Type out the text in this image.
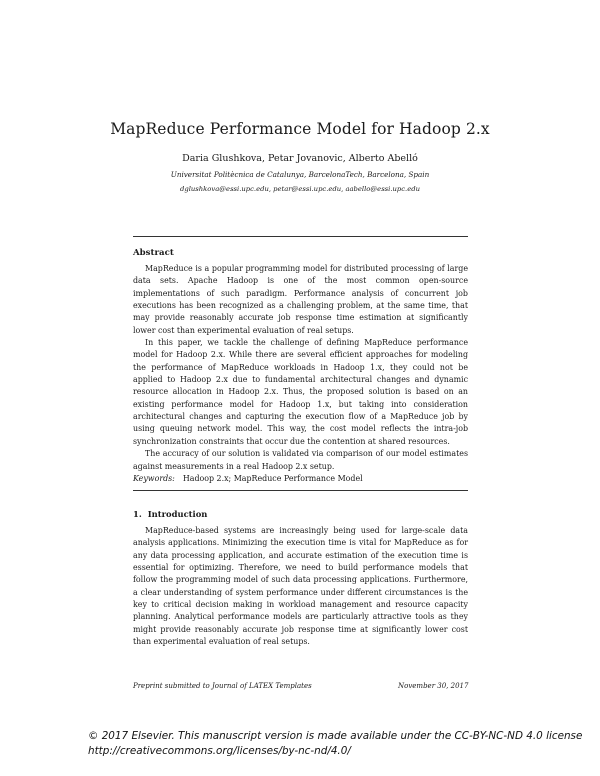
MapReduce Performance Model for Hadoop 2.x
Daria Glushkova, Petar Jovanovic, Alberto Abelló
Universitat Politècnica de Catalunya, BarcelonaTech, Barcelona, Spain
dglushkova@essi.upc.edu, petar@essi.upc.edu, aabello@essi.upc.edu
Abstract

MapReduce is a popular programming model for distributed processing of large data sets. Apache Hadoop is one of the most common open-source implementations of such paradigm. Performance analysis of concurrent job executions has been recognized as a challenging problem, at the same time, that may provide reasonably accurate job response time estimation at significantly lower cost than experimental evaluation of real setups.

In this paper, we tackle the challenge of defining MapReduce performance model for Hadoop 2.x. While there are several efficient approaches for modeling the performance of MapReduce workloads in Hadoop 1.x, they could not be applied to Hadoop 2.x due to fundamental architectural changes and dynamic resource allocation in Hadoop 2.x. Thus, the proposed solution is based on an existing performance model for Hadoop 1.x, but taking into consideration architectural changes and capturing the execution flow of a MapReduce job by using queuing network model. This way, the cost model reflects the intra-job synchronization constraints that occur due the contention at shared resources.

The accuracy of our solution is validated via comparison of our model estimates against measurements in a real Hadoop 2.x setup.

Keywords: Hadoop 2.x; MapReduce Performance Model
1. Introduction

MapReduce-based systems are increasingly being used for large-scale data analysis applications. Minimizing the execution time is vital for MapReduce as for any data processing application, and accurate estimation of the execution time is essential for optimizing. Therefore, we need to build performance models that follow the programming model of such data processing applications. Furthermore, a clear understanding of system performance under different circumstances is the key to critical decision making in workload management and resource capacity planning. Analytical performance models are particularly attractive tools as they might provide reasonably accurate job response time at significantly lower cost than experimental evaluation of real setups.

Preprint submitted to Journal of LATEX Templates	November 30, 2017
© 2017 Elsevier. This manuscript version is made available under the CC-BY-NC-ND 4.0 license
http://creativecommons.org/licenses/by-nc-nd/4.0/
